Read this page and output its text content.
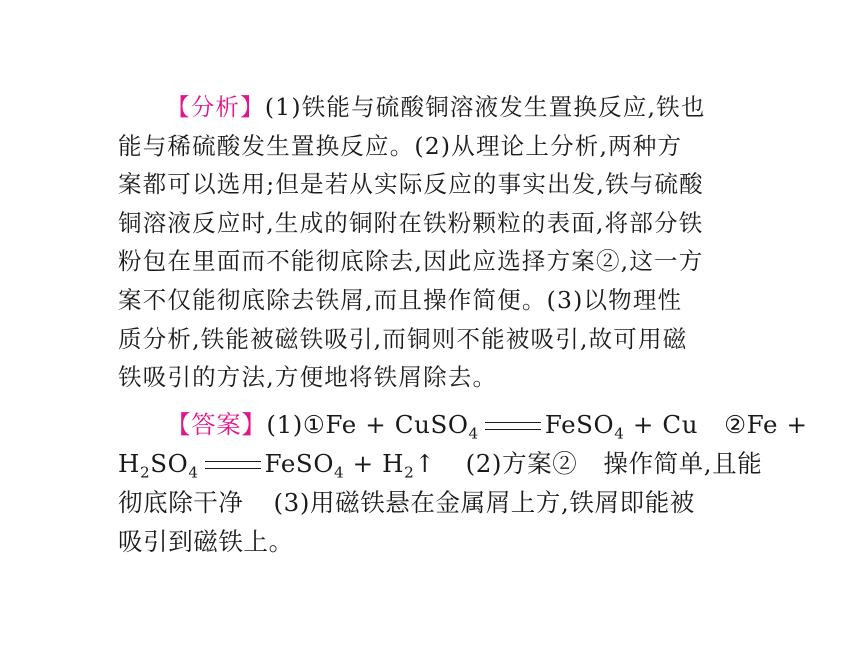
【分析】(1)铁能与硫酸铜溶液发生置换反应,铁也
能与稀硫酸发生置换反应。(2)从理论上分析,两种方
案都可以选用;但是若从实际反应的事实出发,铁与硫酸
铜溶液反应时,生成的铜附在铁粉颗粒的表面,将部分铁
粉包在里面而不能彻底除去,因此应选择方案②,这一方
案不仅能彻底除去铁屑,而且操作简便。(3)以物理性
质分析,铁能被磁铁吸引,而铜则不能被吸引,故可用磁
铁吸引的方法,方便地将铁屑除去。
【答案】(1)①Fe + CuSO$_4$	FeSO$_4$ + Cu ②Fe +
$H_2SO_4$	FeSO$_4$ + $H_2↑$ (2)方案② 操作简单,且能
彻底除干净 (3)用磁铁悬在金属屑上方,铁屑即能被
吸引到磁铁上。
